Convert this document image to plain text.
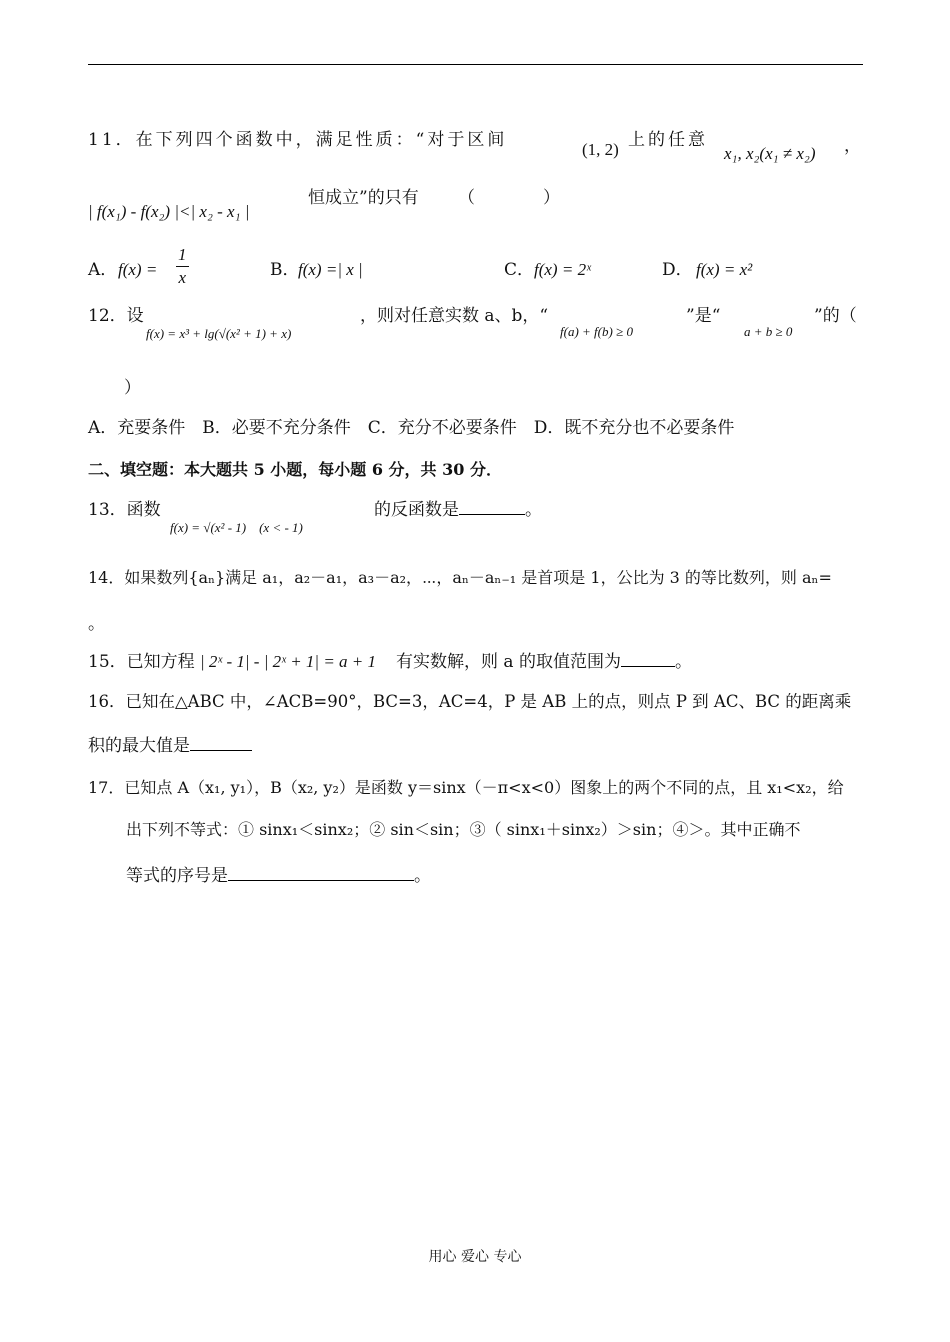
11．在下列四个函数中，满足性质：“对于区间	(1, 2) 上的任意
x₁, x₂(x₁ ≠ x₂) ，
| f(x₁) - f(x₂) |<| x₂ - x₁ |
恒成立”的只有 （　　　　）
A． $f(x) = \frac{1}{x}$	B．
f(x) =| x |	C． f(x) = 2ˣ	D． f(x) = x²
12．设
f(x) = x³ + lg(√(x² + 1) + x)
，则对任意实数 a、b，“
f(a) + f(b) ≥ 0
”是“
a + b ≥ 0
”的（
）
A．充要条件　B．必要不充分条件　C．充分不必要条件　D．既不充分也不必要条件
二、填空题：本大题共 5 小题，每小题 6 分，共 30 分．
13．函数
f(x) = √(x² - 1)　(x < - 1)
的反函数是	。
14．如果数列{aₙ}满足 a₁，a₂－a₁，a₃－a₂，⋯，aₙ－aₙ₋₁ 是首项是 1，公比为 3 的等比数列，则 aₙ=
。
15．已知方程 | 2ˣ - 1| - | 2ˣ + 1| = a + 1 有实数解，则 a 的取值范围为	。
16．已知在△ABC 中，∠ACB=90°，BC=3，AC=4，P 是 AB 上的点，则点 P 到 AC、BC 的距离乘
积的最大值是
17．已知点 A（x₁, y₁），B（x₂, y₂）是函数 y＝sinx（－π<x<0）图象上的两个不同的点，且 x₁<x₂，给
出下列不等式：① sinx₁＜sinx₂；② sin＜sin；③（ sinx₁＋sinx₂）＞sin；④＞。其中正确不
等式的序号是	。
用心 爱心 专心
